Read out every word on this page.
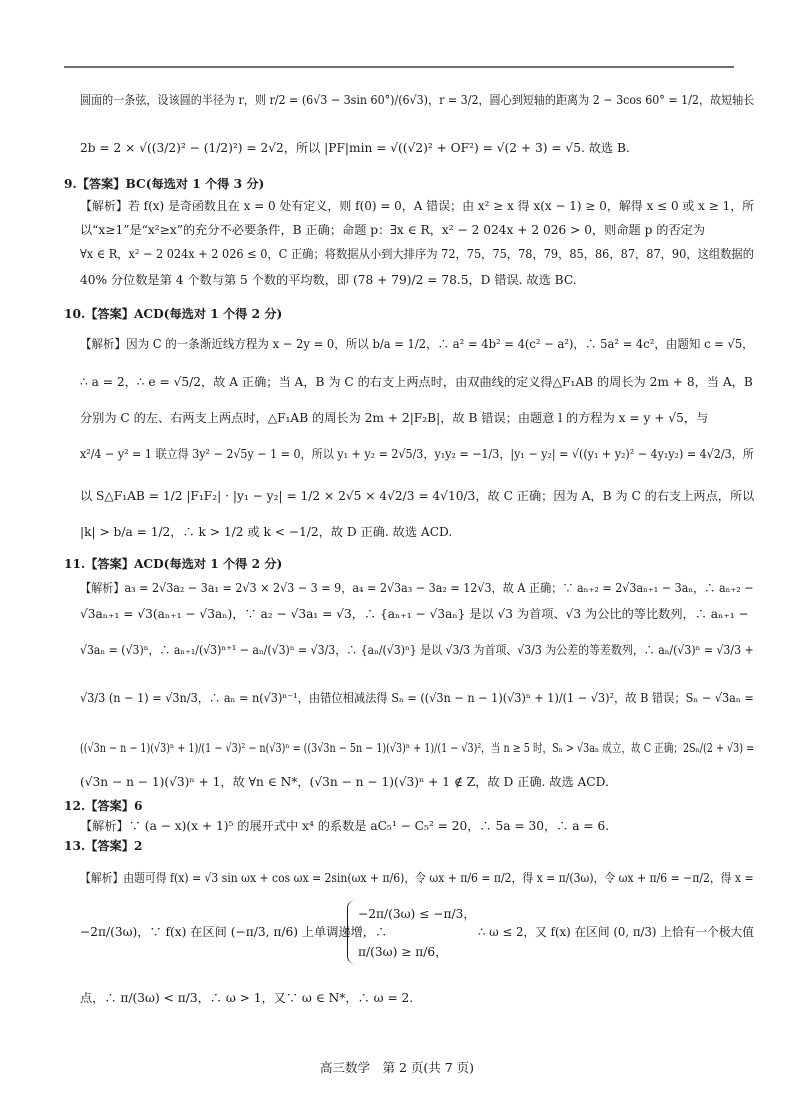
圆面的一条弦，设该圆的半径为 r，则 r/2 = (6√3 − 3sin 60°)/(6√3)，r = 3/2，圆心到短轴的距离为 2 − 3cos 60° = 1/2，故短轴长
2b = 2 × √((3/2)² − (1/2)²) = 2√2，所以 |PF|min = √((√2)² + OF²) = √(2 + 3) = √5. 故选 B.
9.【答案】BC(每选对 1 个得 3 分)
【解析】若 f(x) 是奇函数且在 x = 0 处有定义，则 f(0) = 0，A 错误；由 x² ≥ x 得 x(x − 1) ≥ 0，解得 x ≤ 0 或 x ≥ 1，所
以“x≥1”是“x²≥x”的充分不必要条件，B 正确；命题 p：∃x ∈ R，x² − 2 024x + 2 026 > 0，则命题 p 的否定为
∀x ∈ R，x² − 2 024x + 2 026 ≤ 0，C 正确；将数据从小到大排序为 72，75，75，78，79，85，86，87，87，90，这组数据的
40% 分位数是第 4 个数与第 5 个数的平均数，即 (78 + 79)/2 = 78.5，D 错误. 故选 BC.
10.【答案】ACD(每选对 1 个得 2 分)
【解析】因为 C 的一条渐近线方程为 x − 2y = 0，所以 b/a = 1/2，∴ a² = 4b² = 4(c² − a²)，∴ 5a² = 4c²，由题知 c = √5，
∴ a = 2，∴ e = √5/2，故 A 正确；当 A，B 为 C 的右支上两点时，由双曲线的定义得△F₁AB 的周长为 2m + 8，当 A，B
分别为 C 的左、右两支上两点时，△F₁AB 的周长为 2m + 2|F₂B|，故 B 错误；由题意 l 的方程为 x = y + √5，与
x²/4 − y² = 1 联立得 3y² − 2√5y − 1 = 0，所以 y₁ + y₂ = 2√5/3，y₁y₂ = −1/3，|y₁ − y₂| = √((y₁ + y₂)² − 4y₁y₂) = 4√2/3，所
以 S△F₁AB = 1/2 |F₁F₂| · |y₁ − y₂| = 1/2 × 2√5 × 4√2/3 = 4√10/3，故 C 正确；因为 A，B 为 C 的右支上两点，所以
|k| > b/a = 1/2，∴ k > 1/2 或 k < −1/2，故 D 正确. 故选 ACD.
11.【答案】ACD(每选对 1 个得 2 分)
【解析】a₃ = 2√3a₂ − 3a₁ = 2√3 × 2√3 − 3 = 9，a₄ = 2√3a₃ − 3a₂ = 12√3，故 A 正确；∵ aₙ₊₂ = 2√3aₙ₊₁ − 3aₙ，∴ aₙ₊₂ −
√3aₙ₊₁ = √3(aₙ₊₁ − √3aₙ)，∵ a₂ − √3a₁ = √3，∴ {aₙ₊₁ − √3aₙ} 是以 √3 为首项、√3 为公比的等比数列，∴ aₙ₊₁ −
√3aₙ = (√3)ⁿ，∴ aₙ₊₁/(√3)ⁿ⁺¹ − aₙ/(√3)ⁿ = √3/3，∴ {aₙ/(√3)ⁿ} 是以 √3/3 为首项、√3/3 为公差的等差数列，∴ aₙ/(√3)ⁿ = √3/3 +
√3/3 (n − 1) = √3n/3，∴ aₙ = n(√3)ⁿ⁻¹，由错位相减法得 Sₙ = ((√3n − n − 1)(√3)ⁿ + 1)/(1 − √3)²，故 B 错误；Sₙ − √3aₙ =
((√3n − n − 1)(√3)ⁿ + 1)/(1 − √3)² − n(√3)ⁿ = ((3√3n − 5n − 1)(√3)ⁿ + 1)/(1 − √3)²，当 n ≥ 5 时，Sₙ > √3aₙ 成立，故 C 正确；2Sₙ/(2 + √3) =
(√3n − n − 1)(√3)ⁿ + 1，故 ∀n ∈ N*，(√3n − n − 1)(√3)ⁿ + 1 ∉ Z，故 D 正确. 故选 ACD.
12.【答案】6
【解析】∵ (a − x)(x + 1)⁵ 的展开式中 x⁴ 的系数是 aC₅¹ − C₅² = 20，∴ 5a = 30，∴ a = 6.
13.【答案】2
【解析】由题可得 f(x) = √3 sin ωx + cos ωx = 2sin(ωx + π/6)，令 ωx + π/6 = π/2，得 x = π/(3ω)，令 ωx + π/6 = −π/2，得 x =
−2π/(3ω)，∵ f(x) 在区间 (−π/3, π/6) 上单调递增，∴
−2π/(3ω) ≤ −π/3，
π/(3ω) ≥ π/6，
∴ ω ≤ 2，又 f(x) 在区间 (0, π/3) 上恰有一个极大值
点，∴ π/(3ω) < π/3，∴ ω > 1，又∵ ω ∈ N*，∴ ω = 2.
高三数学　第 2 页(共 7 页)
